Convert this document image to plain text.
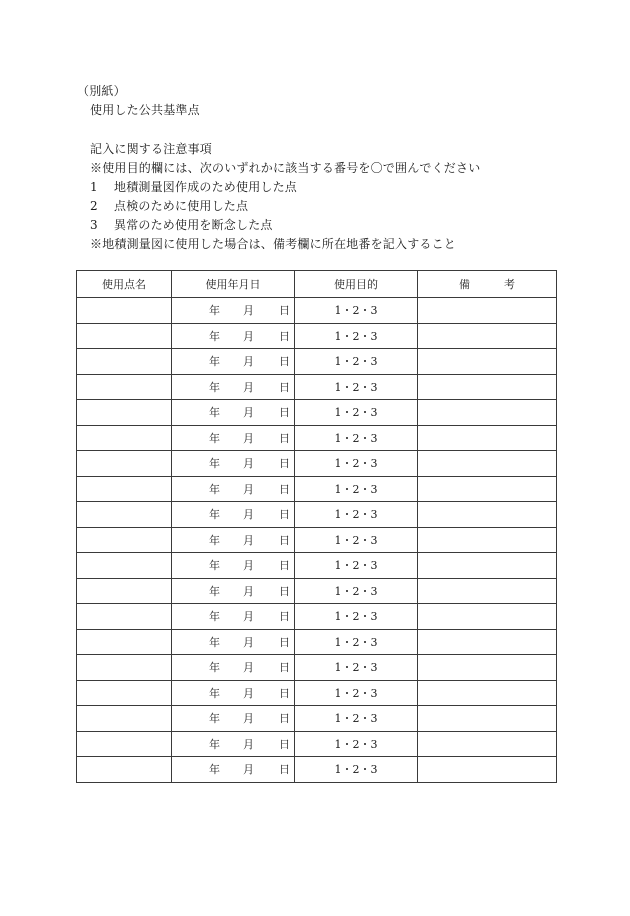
（別紙）
使用した公共基準点
記入に関する注意事項
※使用目的欄には、次のいずれかに該当する番号を〇で囲んでください
1 地積測量図作成のため使用した点
2 点検のために使用した点
3 異常のため使用を断念した点
※地積測量図に使用した場合は、備考欄に所在地番を記入すること
使用点名	使用年月日	使用目的	備 考

	年 月 日	1・2・3	

	年 月 日	1・2・3	

	年 月 日	1・2・3	

	年 月 日	1・2・3	

	年 月 日	1・2・3	

	年 月 日	1・2・3	

	年 月 日	1・2・3	

	年 月 日	1・2・3	

	年 月 日	1・2・3	

	年 月 日	1・2・3	

	年 月 日	1・2・3	

	年 月 日	1・2・3	

	年 月 日	1・2・3	

	年 月 日	1・2・3	

	年 月 日	1・2・3	

	年 月 日	1・2・3	

	年 月 日	1・2・3	

	年 月 日	1・2・3	

	年 月 日	1・2・3	
